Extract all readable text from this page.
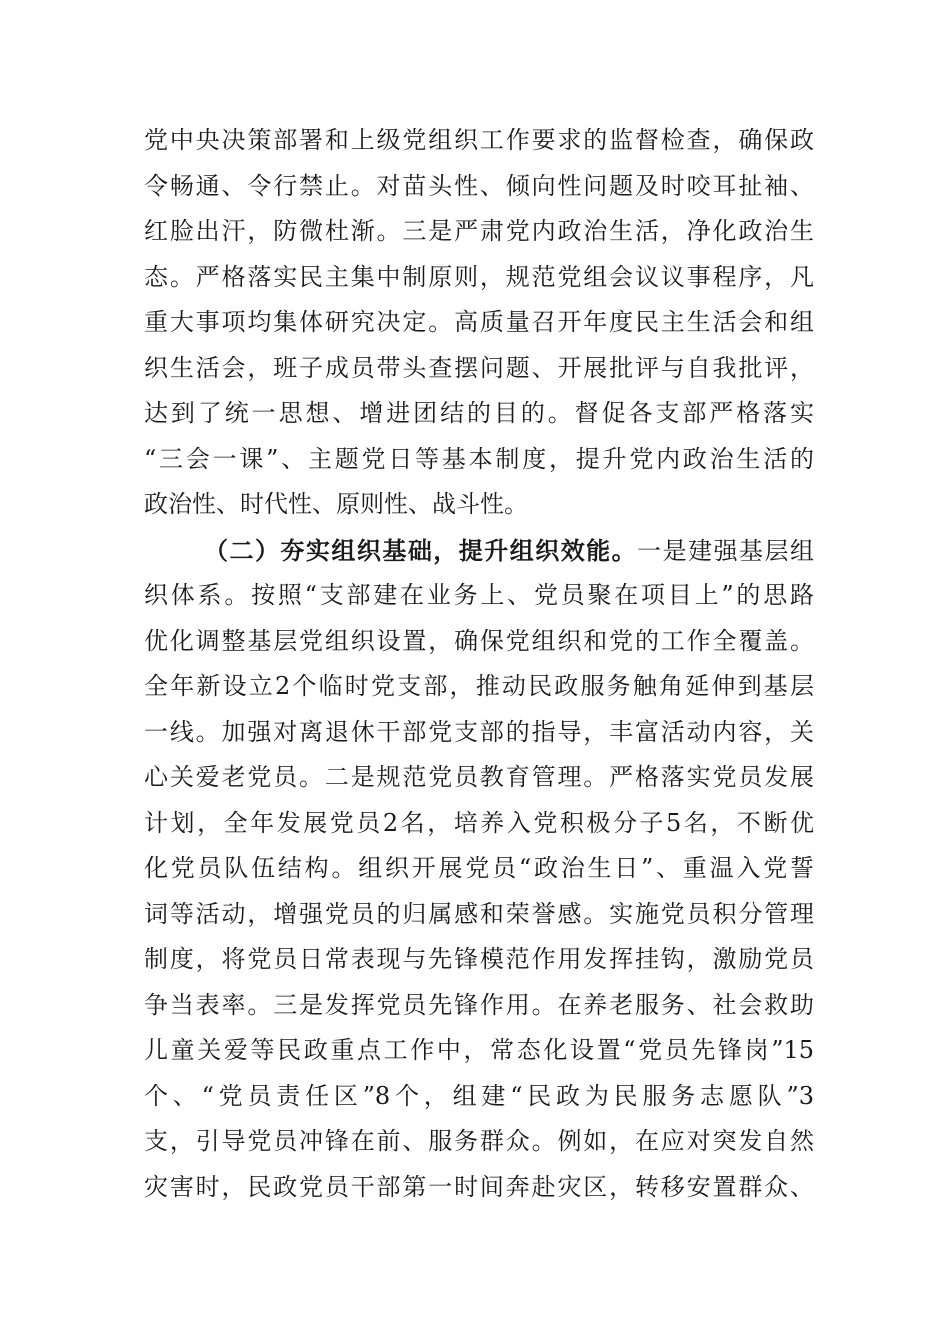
党中央决策部署和上级党组织工作要求的监督检查，确保政
令畅通、令行禁止。对苗头性、倾向性问题及时咬耳扯袖、
红脸出汗，防微杜渐。三是严肃党内政治生活，净化政治生
态。严格落实民主集中制原则，规范党组会议议事程序，凡
重大事项均集体研究决定。高质量召开年度民主生活会和组
织生活会，班子成员带头查摆问题、开展批评与自我批评，
达到了统一思想、增进团结的目的。督促各支部严格落实
“三会一课”、主题党日等基本制度，提升党内政治生活的
政治性、时代性、原则性、战斗性。
（二）夯实组织基础，提升组织效能。一是建强基层组
织体系。按照“支部建在业务上、党员聚在项目上”的思路
优化调整基层党组织设置，确保党组织和党的工作全覆盖。
全年新设立2个临时党支部，推动民政服务触角延伸到基层
一线。加强对离退休干部党支部的指导，丰富活动内容，关
心关爱老党员。二是规范党员教育管理。严格落实党员发展
计划，全年发展党员2名，培养入党积极分子5名，不断优
化党员队伍结构。组织开展党员“政治生日”、重温入党誓
词等活动，增强党员的归属感和荣誉感。实施党员积分管理
制度，将党员日常表现与先锋模范作用发挥挂钩，激励党员
争当表率。三是发挥党员先锋作用。在养老服务、社会救助
儿童关爱等民政重点工作中，常态化设置“党员先锋岗”15
个、“党员责任区”8个，组建“民政为民服务志愿队”3
支，引导党员冲锋在前、服务群众。例如，在应对突发自然
灾害时，民政党员干部第一时间奔赴灾区，转移安置群众、
